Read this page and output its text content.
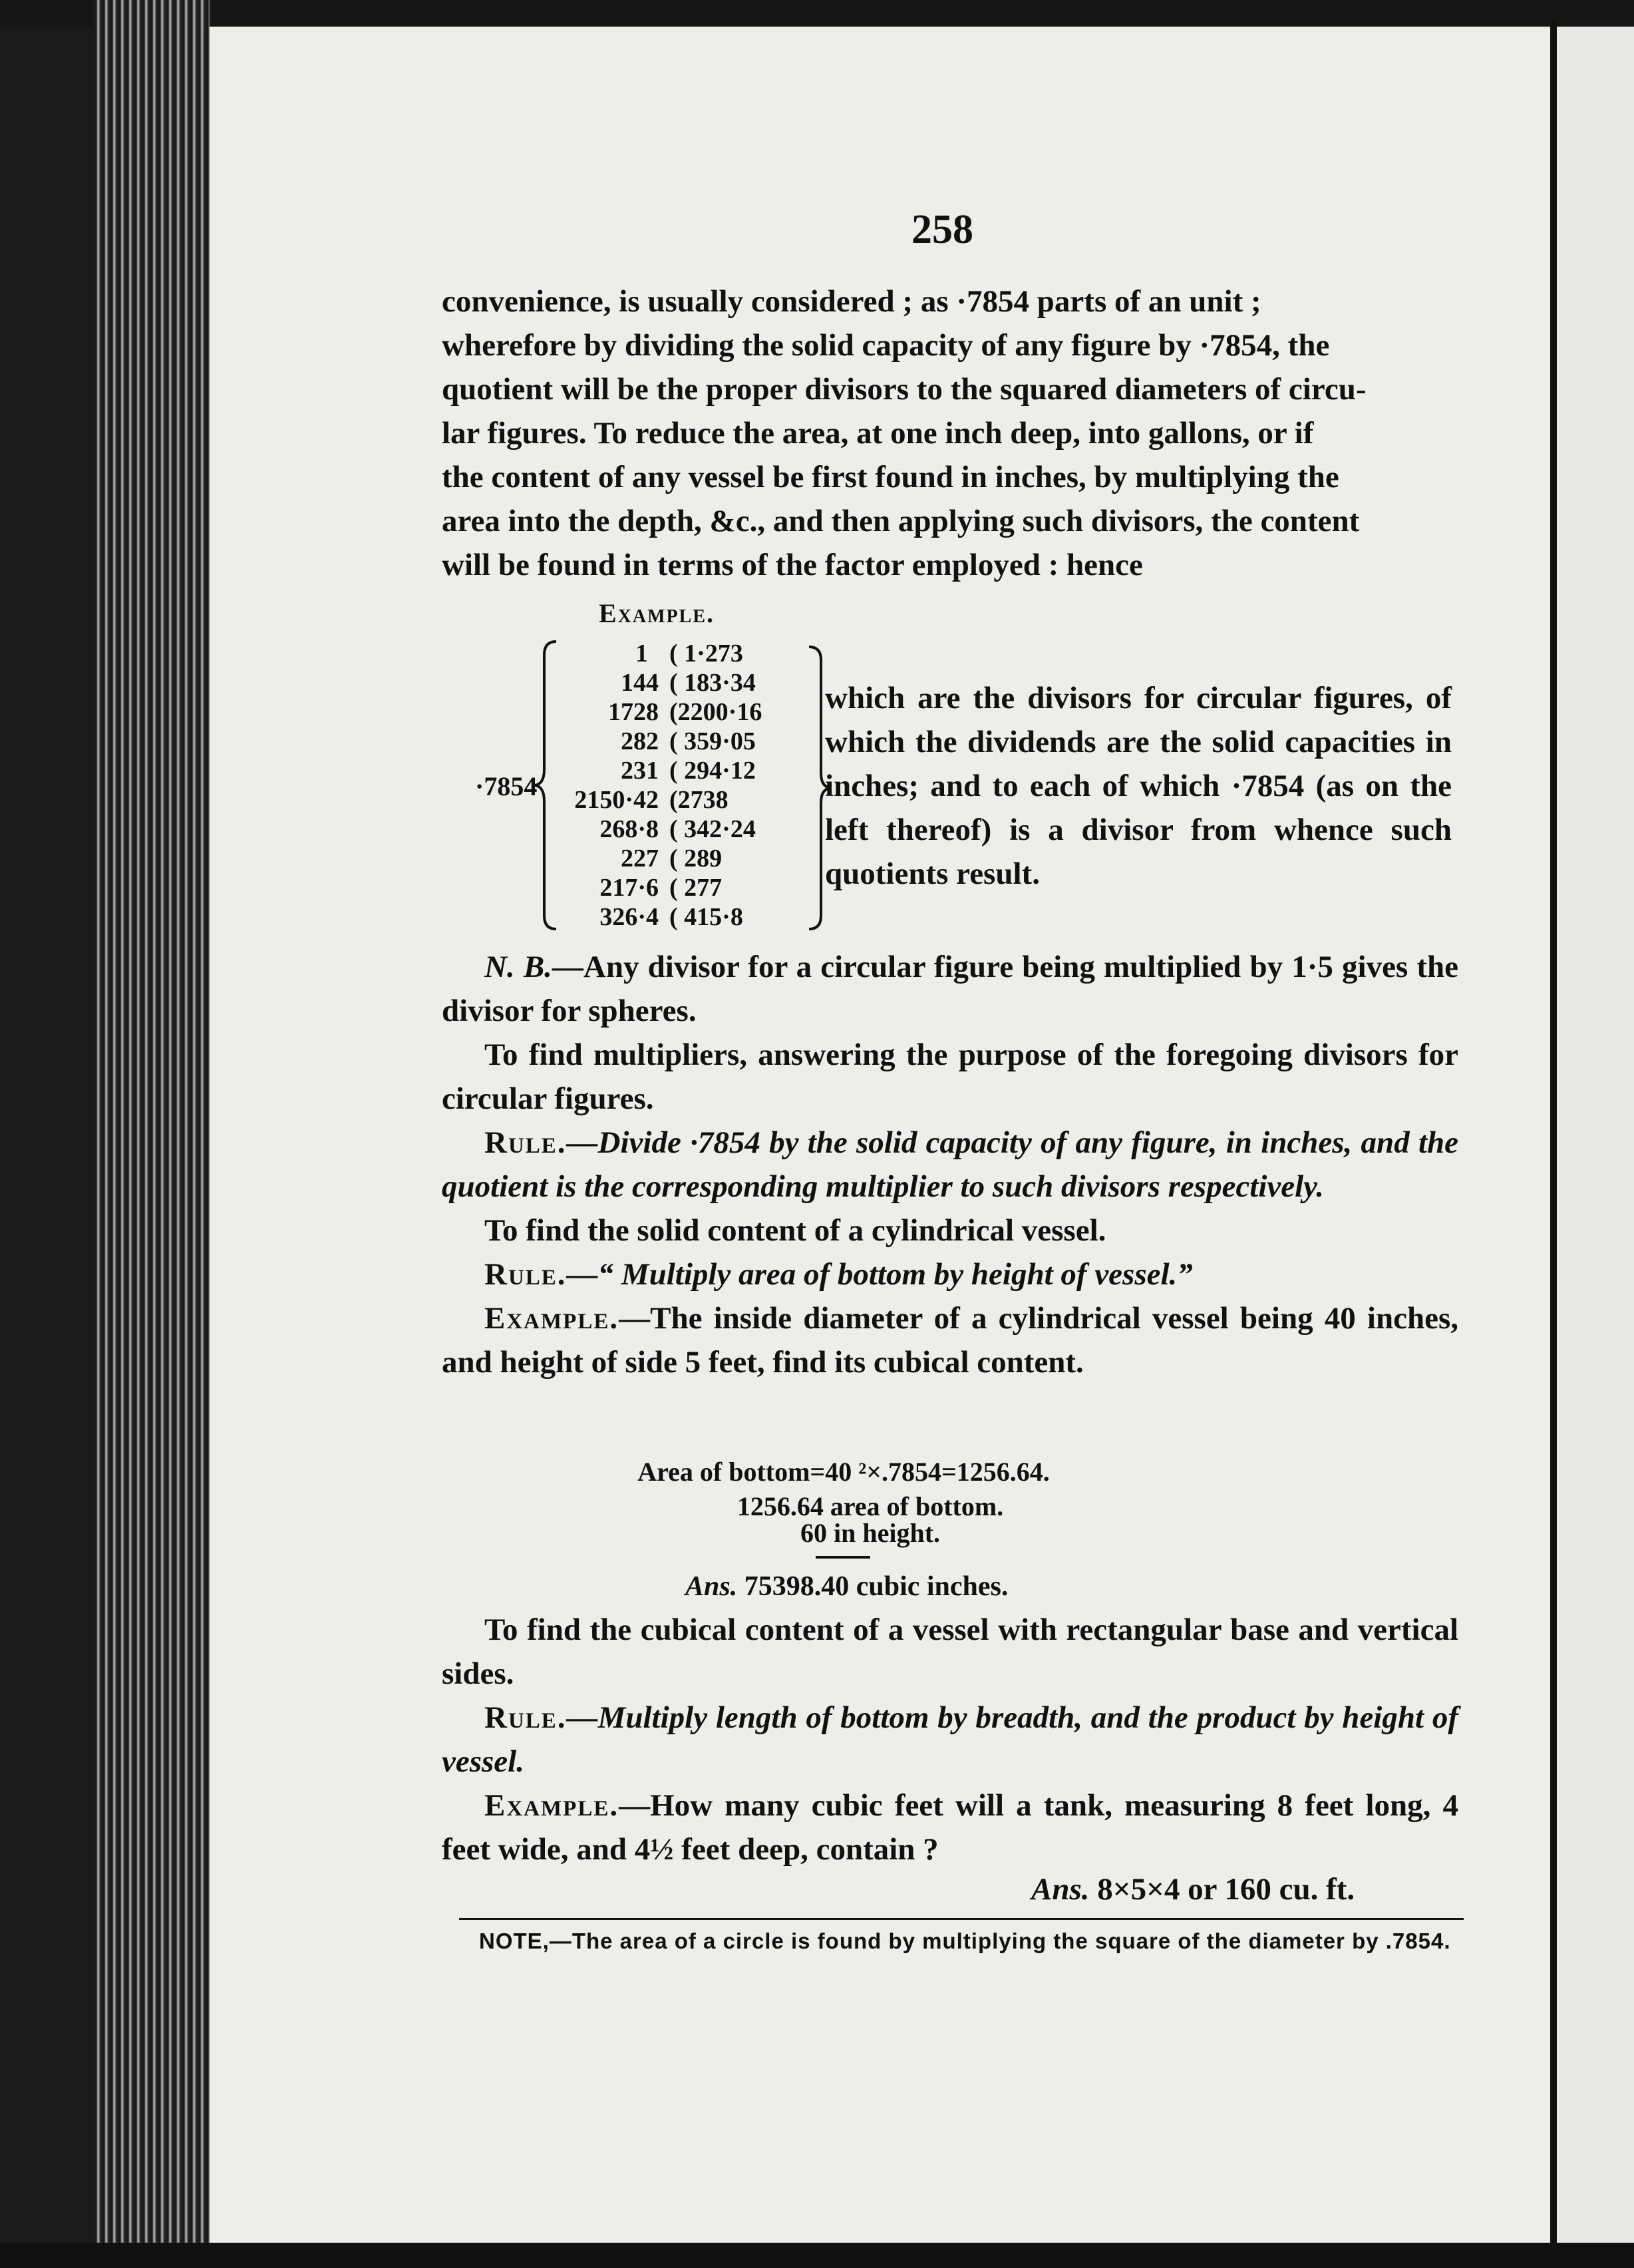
258
convenience, is usually considered ; as ·7854 parts of an unit ;
wherefore by dividing the solid capacity of any figure by ·7854, the
quotient will be the proper divisors to the squared diameters of circu-
lar figures. To reduce the area, at one inch deep, into gallons, or if
the content of any vessel be first found in inches, by multiplying the
area into the depth, &c., and then applying such divisors, the content
will be found in terms of the factor employed : hence
Example.
·7854
1
144
1728
282
231
2150·42
268·8
227
217·6
326·4
( 1·273
( 183·34
(2200·16
( 359·05
( 294·12
(2738
( 342·24
( 289
( 277
( 415·8
which are the divisors for circular figures, of which the dividends are the solid capacities in inches; and to each of which ·7854 (as on the left thereof) is a divisor from whence such quotients result.

N. B.—Any divisor for a circular figure being multiplied by 1·5 gives the divisor for spheres.

To find multipliers, answering the purpose of the foregoing divisors for circular figures.

Rule.—Divide ·7854 by the solid capacity of any figure, in inches, and the quotient is the corresponding multiplier to such divisors respectively.

To find the solid content of a cylindrical vessel.

Rule.—“ Multiply area of bottom by height of vessel.”

Example.—The inside diameter of a cylindrical vessel being 40 inches, and height of side 5 feet, find its cubical content.

Area of bottom=40 ²×.7854=1256.64.
1256.64 area of bottom.
60 in height.
Ans. 75398.40 cubic inches.

To find the cubical content of a vessel with rectangular base and vertical sides.

Rule.—Multiply length of bottom by breadth, and the product by height of vessel.

Example.—How many cubic feet will a tank, measuring 8 feet long, 4 feet wide, and 4½ feet deep, contain ?

Ans. 8×5×4 or 160 cu. ft.
NOTE,—The area of a circle is found by multiplying the square of the diameter by .7854.
